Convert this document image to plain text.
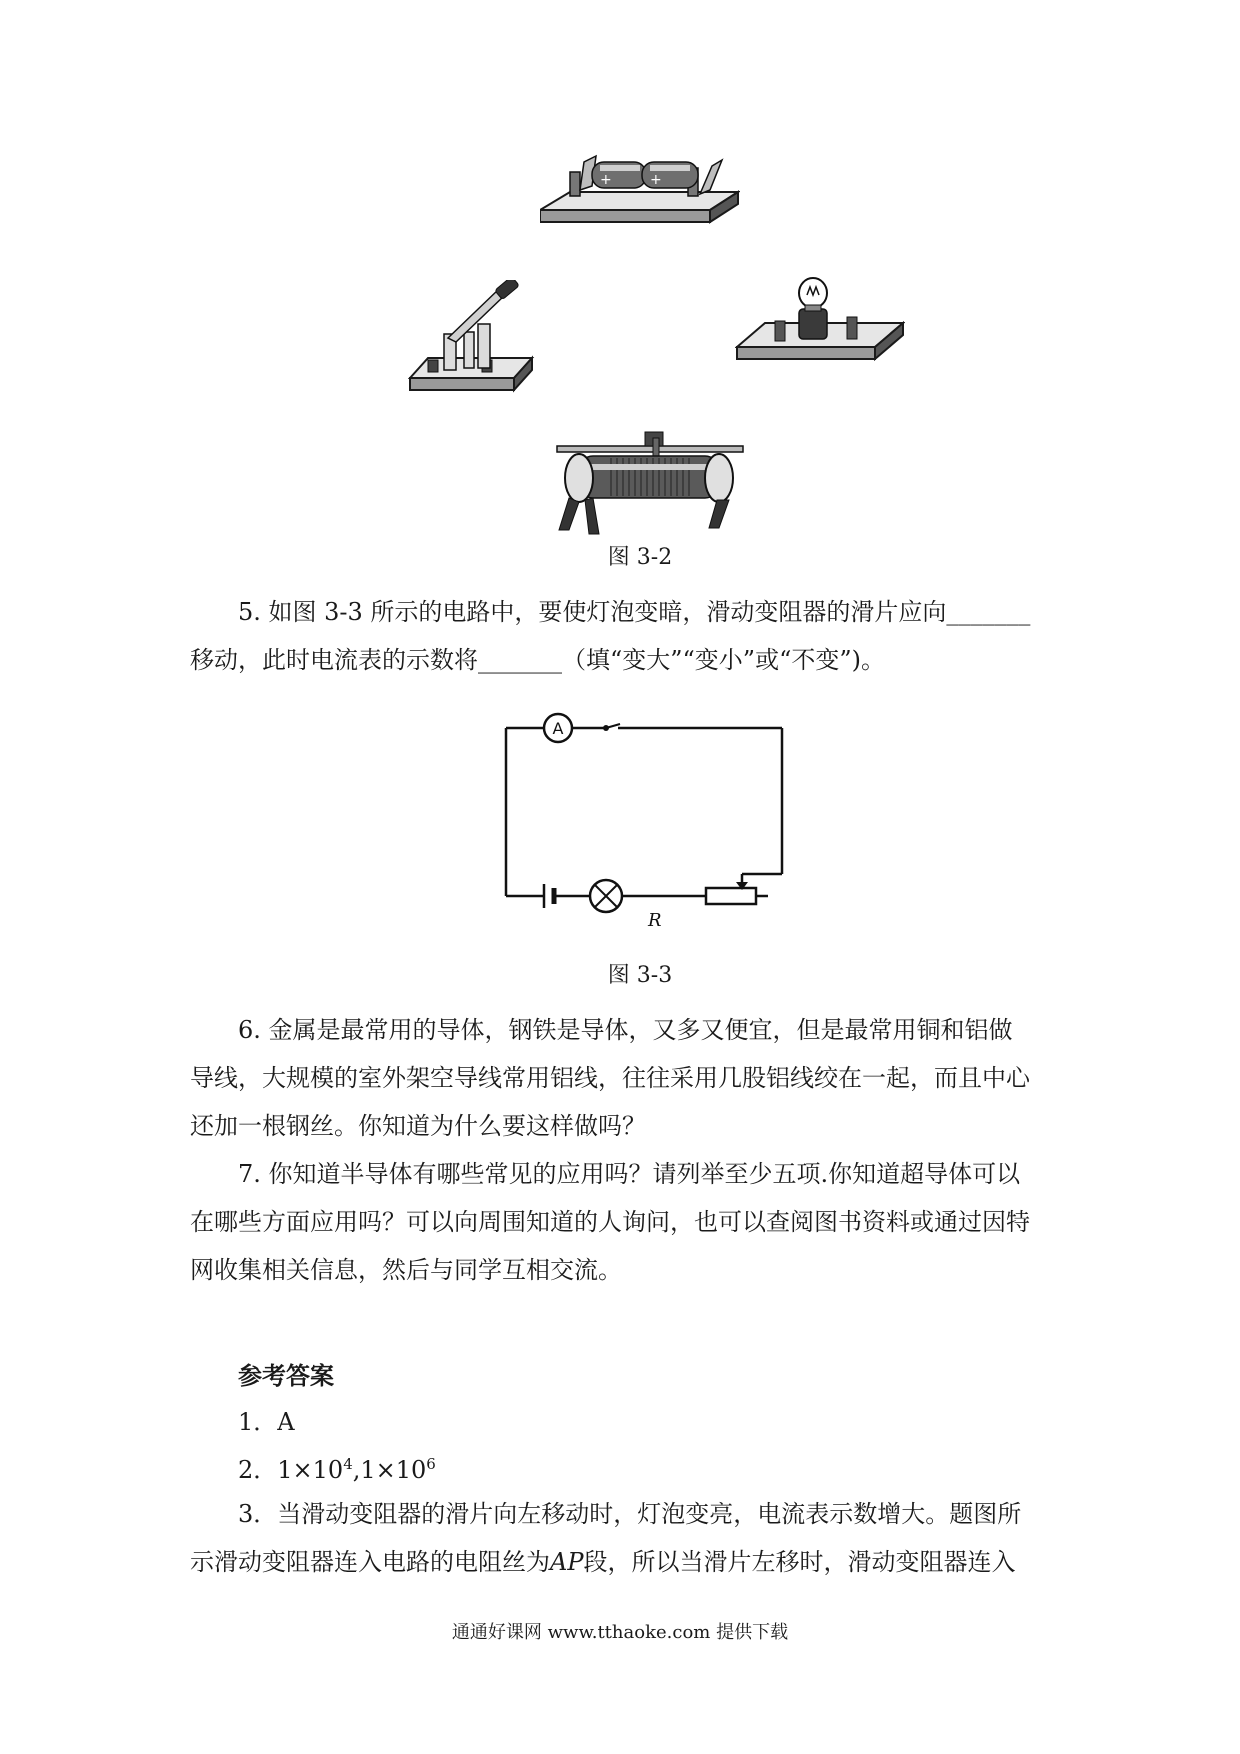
+	+
图 3-2
5. 如图 3-3 所示的电路中，要使灯泡变暗，滑动变阻器的滑片应向_______
移动，此时电流表的示数将_______（填“变大”“变小”或“不变”)。
A
R
图 3-3
6. 金属是最常用的导体，钢铁是导体，又多又便宜，但是最常用铜和铝做
导线，大规模的室外架空导线常用铝线，往往采用几股铝线绞在一起，而且中心
还加一根钢丝。你知道为什么要这样做吗？
7. 你知道半导体有哪些常见的应用吗？请列举至少五项.你知道超导体可以
在哪些方面应用吗？可以向周围知道的人询问，也可以查阅图书资料或通过因特
网收集相关信息，然后与同学互相交流。
参考答案
1．A
2．$1\times 10^4,1\times 10^6$
3．当滑动变阻器的滑片向左移动时，灯泡变亮，电流表示数增大。题图所
示滑动变阻器连入电路的电阻丝为AP段，所以当滑片左移时，滑动变阻器连入
通通好课网 www.tthaoke.com 提供下载
